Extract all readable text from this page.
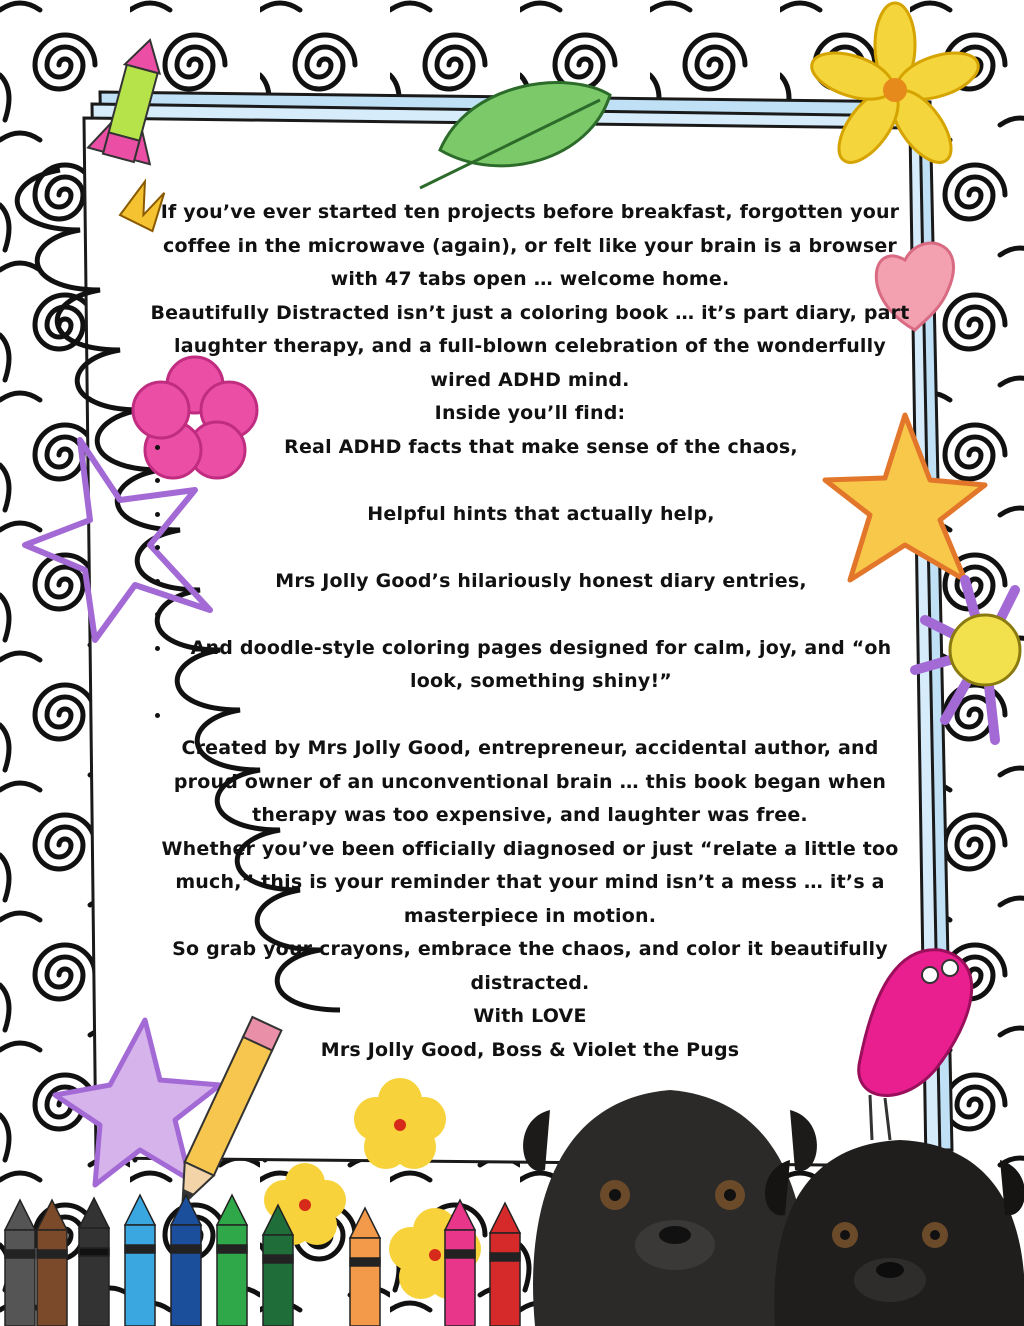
If you’ve ever started ten projects before breakfast, forgotten your coffee in the microwave (again), or felt like your brain is a browser with 47 tabs open … welcome home.

Beautifully Distracted isn’t just a coloring book … it’s part diary, part laughter therapy, and a full-blown celebration of the wonderfully wired ADHD mind.

Inside you’ll find:

• Real ADHD facts that make sense of the chaos,
•
• Helpful hints that actually help,
•
• Mrs Jolly Good’s hilariously honest diary entries,
•
• And doodle-style coloring pages designed for calm, joy, and “oh look, something shiny!”
•

Created by Mrs Jolly Good, entrepreneur, accidental author, and proud owner of an unconventional brain … this book began when therapy was too expensive, and laughter was free.

Whether you’ve been officially diagnosed or just “relate a little too much,” this is your reminder that your mind isn’t a mess … it’s a masterpiece in motion.

So grab your crayons, embrace the chaos, and color it beautifully distracted.

With LOVE

Mrs Jolly Good, Boss & Violet the Pugs
